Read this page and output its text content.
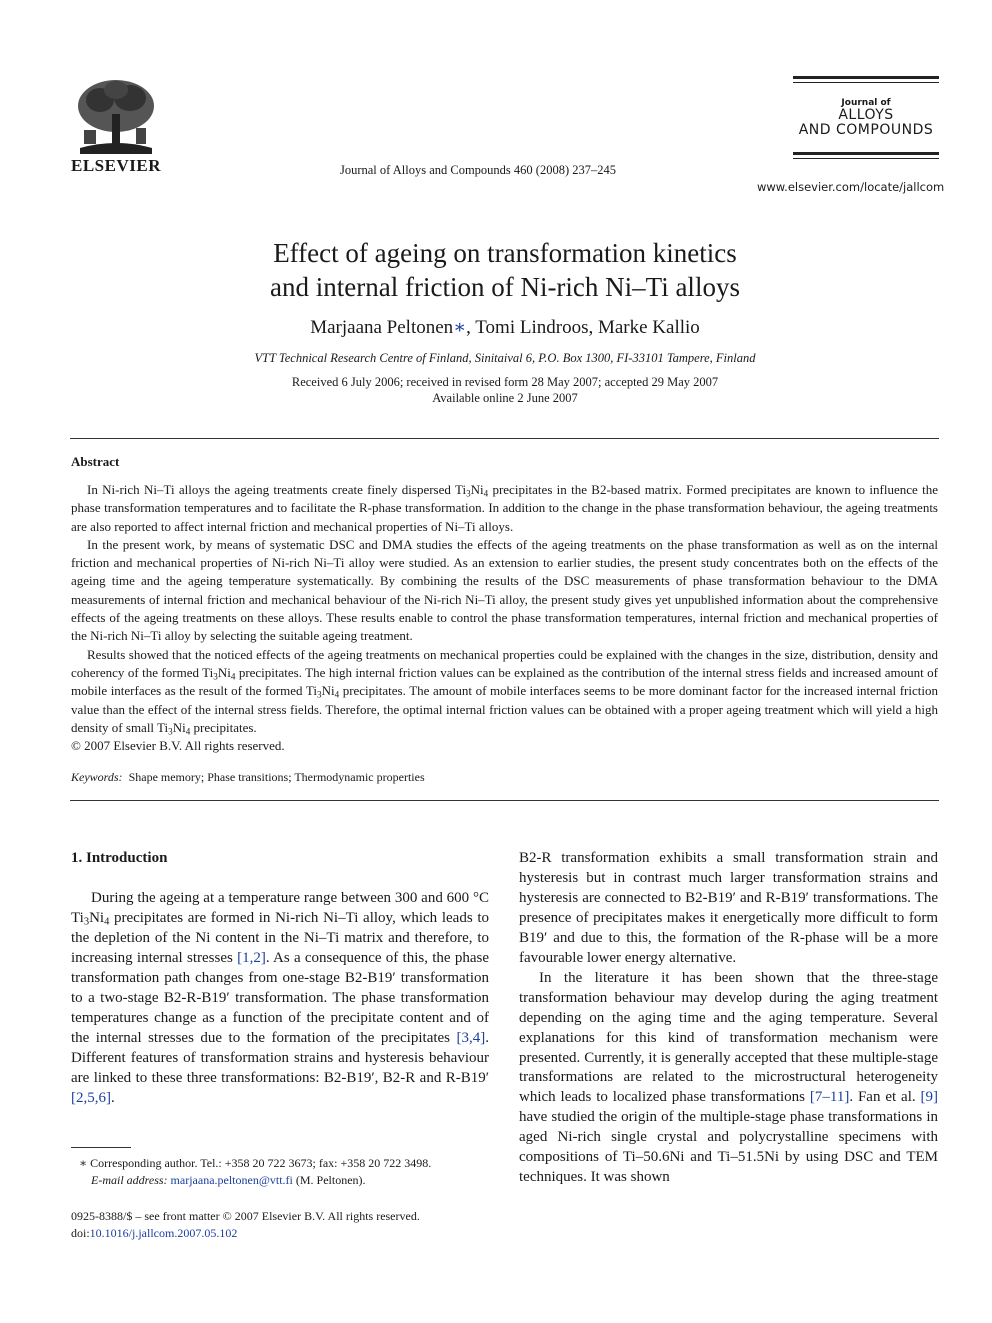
ELSEVIER	Journal of Alloys and Compounds 460 (2008) 237–245
Journal of
ALLOYS
AND COMPOUNDS
www.elsevier.com/locate/jallcom
Effect of ageing on transformation kinetics
and internal friction of Ni-rich Ni–Ti alloys
Marjaana Peltonen∗, Tomi Lindroos, Marke Kallio
VTT Technical Research Centre of Finland, Sinitaival 6, P.O. Box 1300, FI-33101 Tampere, Finland
Received 6 July 2006; received in revised form 28 May 2007; accepted 29 May 2007
Available online 2 June 2007
Abstract

In Ni-rich Ni–Ti alloys the ageing treatments create finely dispersed $Ti_3Ni_4$ precipitates in the B2-based matrix. Formed precipitates are known to influence the phase transformation temperatures and to facilitate the R-phase transformation. In addition to the change in the phase transformation behaviour, the ageing treatments are also reported to affect internal friction and mechanical properties of Ni–Ti alloys.

In the present work, by means of systematic DSC and DMA studies the effects of the ageing treatments on the phase transformation as well as on the internal friction and mechanical properties of Ni-rich Ni–Ti alloy were studied. As an extension to earlier studies, the present study concentrates both on the effects of the ageing time and the ageing temperature systematically. By combining the results of the DSC measurements of phase transformation behaviour to the DMA measurements of internal friction and mechanical behaviour of the Ni-rich Ni–Ti alloy, the present study gives yet unpublished information about the comprehensive effects of the ageing treatments on these alloys. These results enable to control the phase transformation temperatures, internal friction and mechanical properties of the Ni-rich Ni–Ti alloy by selecting the suitable ageing treatment.

Results showed that the noticed effects of the ageing treatments on mechanical properties could be explained with the changes in the size, distribution, density and coherency of the formed $Ti_3Ni_4$ precipitates. The high internal friction values can be explained as the contribution of the internal stress fields and increased amount of mobile interfaces as the result of the formed $Ti_3Ni_4$ precipitates. The amount of mobile interfaces seems to be more dominant factor for the increased internal friction value than the effect of the internal stress fields. Therefore, the optimal internal friction values can be obtained with a proper ageing treatment which will yield a high density of small $Ti_3Ni_4$ precipitates.

© 2007 Elsevier B.V. All rights reserved.

Keywords: Shape memory; Phase transitions; Thermodynamic properties
1. Introduction

During the ageing at a temperature range between 300 and 600 °C $Ti_3Ni_4$ precipitates are formed in Ni-rich Ni–Ti alloy, which leads to the depletion of the Ni content in the Ni–Ti matrix and therefore, to increasing internal stresses [1,2]. As a consequence of this, the phase transformation path changes from one-stage B2-B19′ transformation to a two-stage B2-R-B19′ transformation. The phase transformation temperatures change as a function of the precipitate content and of the internal stresses due to the formation of the precipitates [3,4]. Different features of transformation strains and hysteresis behaviour are linked to these three transformations: B2-B19′, B2-R and R-B19′ [2,5,6].

B2-R transformation exhibits a small transformation strain and hysteresis but in contrast much larger transformation strains and hysteresis are connected to B2-B19′ and R-B19′ transformations. The presence of precipitates makes it energetically more difficult to form B19′ and due to this, the formation of the R-phase will be a more favourable lower energy alternative.

In the literature it has been shown that the three-stage transformation behaviour may develop during the aging treatment depending on the aging time and the aging temperature. Several explanations for this kind of transformation mechanism were presented. Currently, it is generally accepted that these multiple-stage transformations are related to the microstructural heterogeneity which leads to localized phase transformations [7–11]. Fan et al. [9] have studied the origin of the multiple-stage phase transformations in aged Ni-rich single crystal and polycrystalline specimens with compositions of Ti–50.6Ni and Ti–51.5Ni by using DSC and TEM techniques. It was shown

∗ Corresponding author. Tel.: +358 20 722 3673; fax: +358 20 722 3498.
E-mail address: marjaana.peltonen@vtt.fi (M. Peltonen).
0925-8388/$ – see front matter © 2007 Elsevier B.V. All rights reserved.
doi:10.1016/j.jallcom.2007.05.102
